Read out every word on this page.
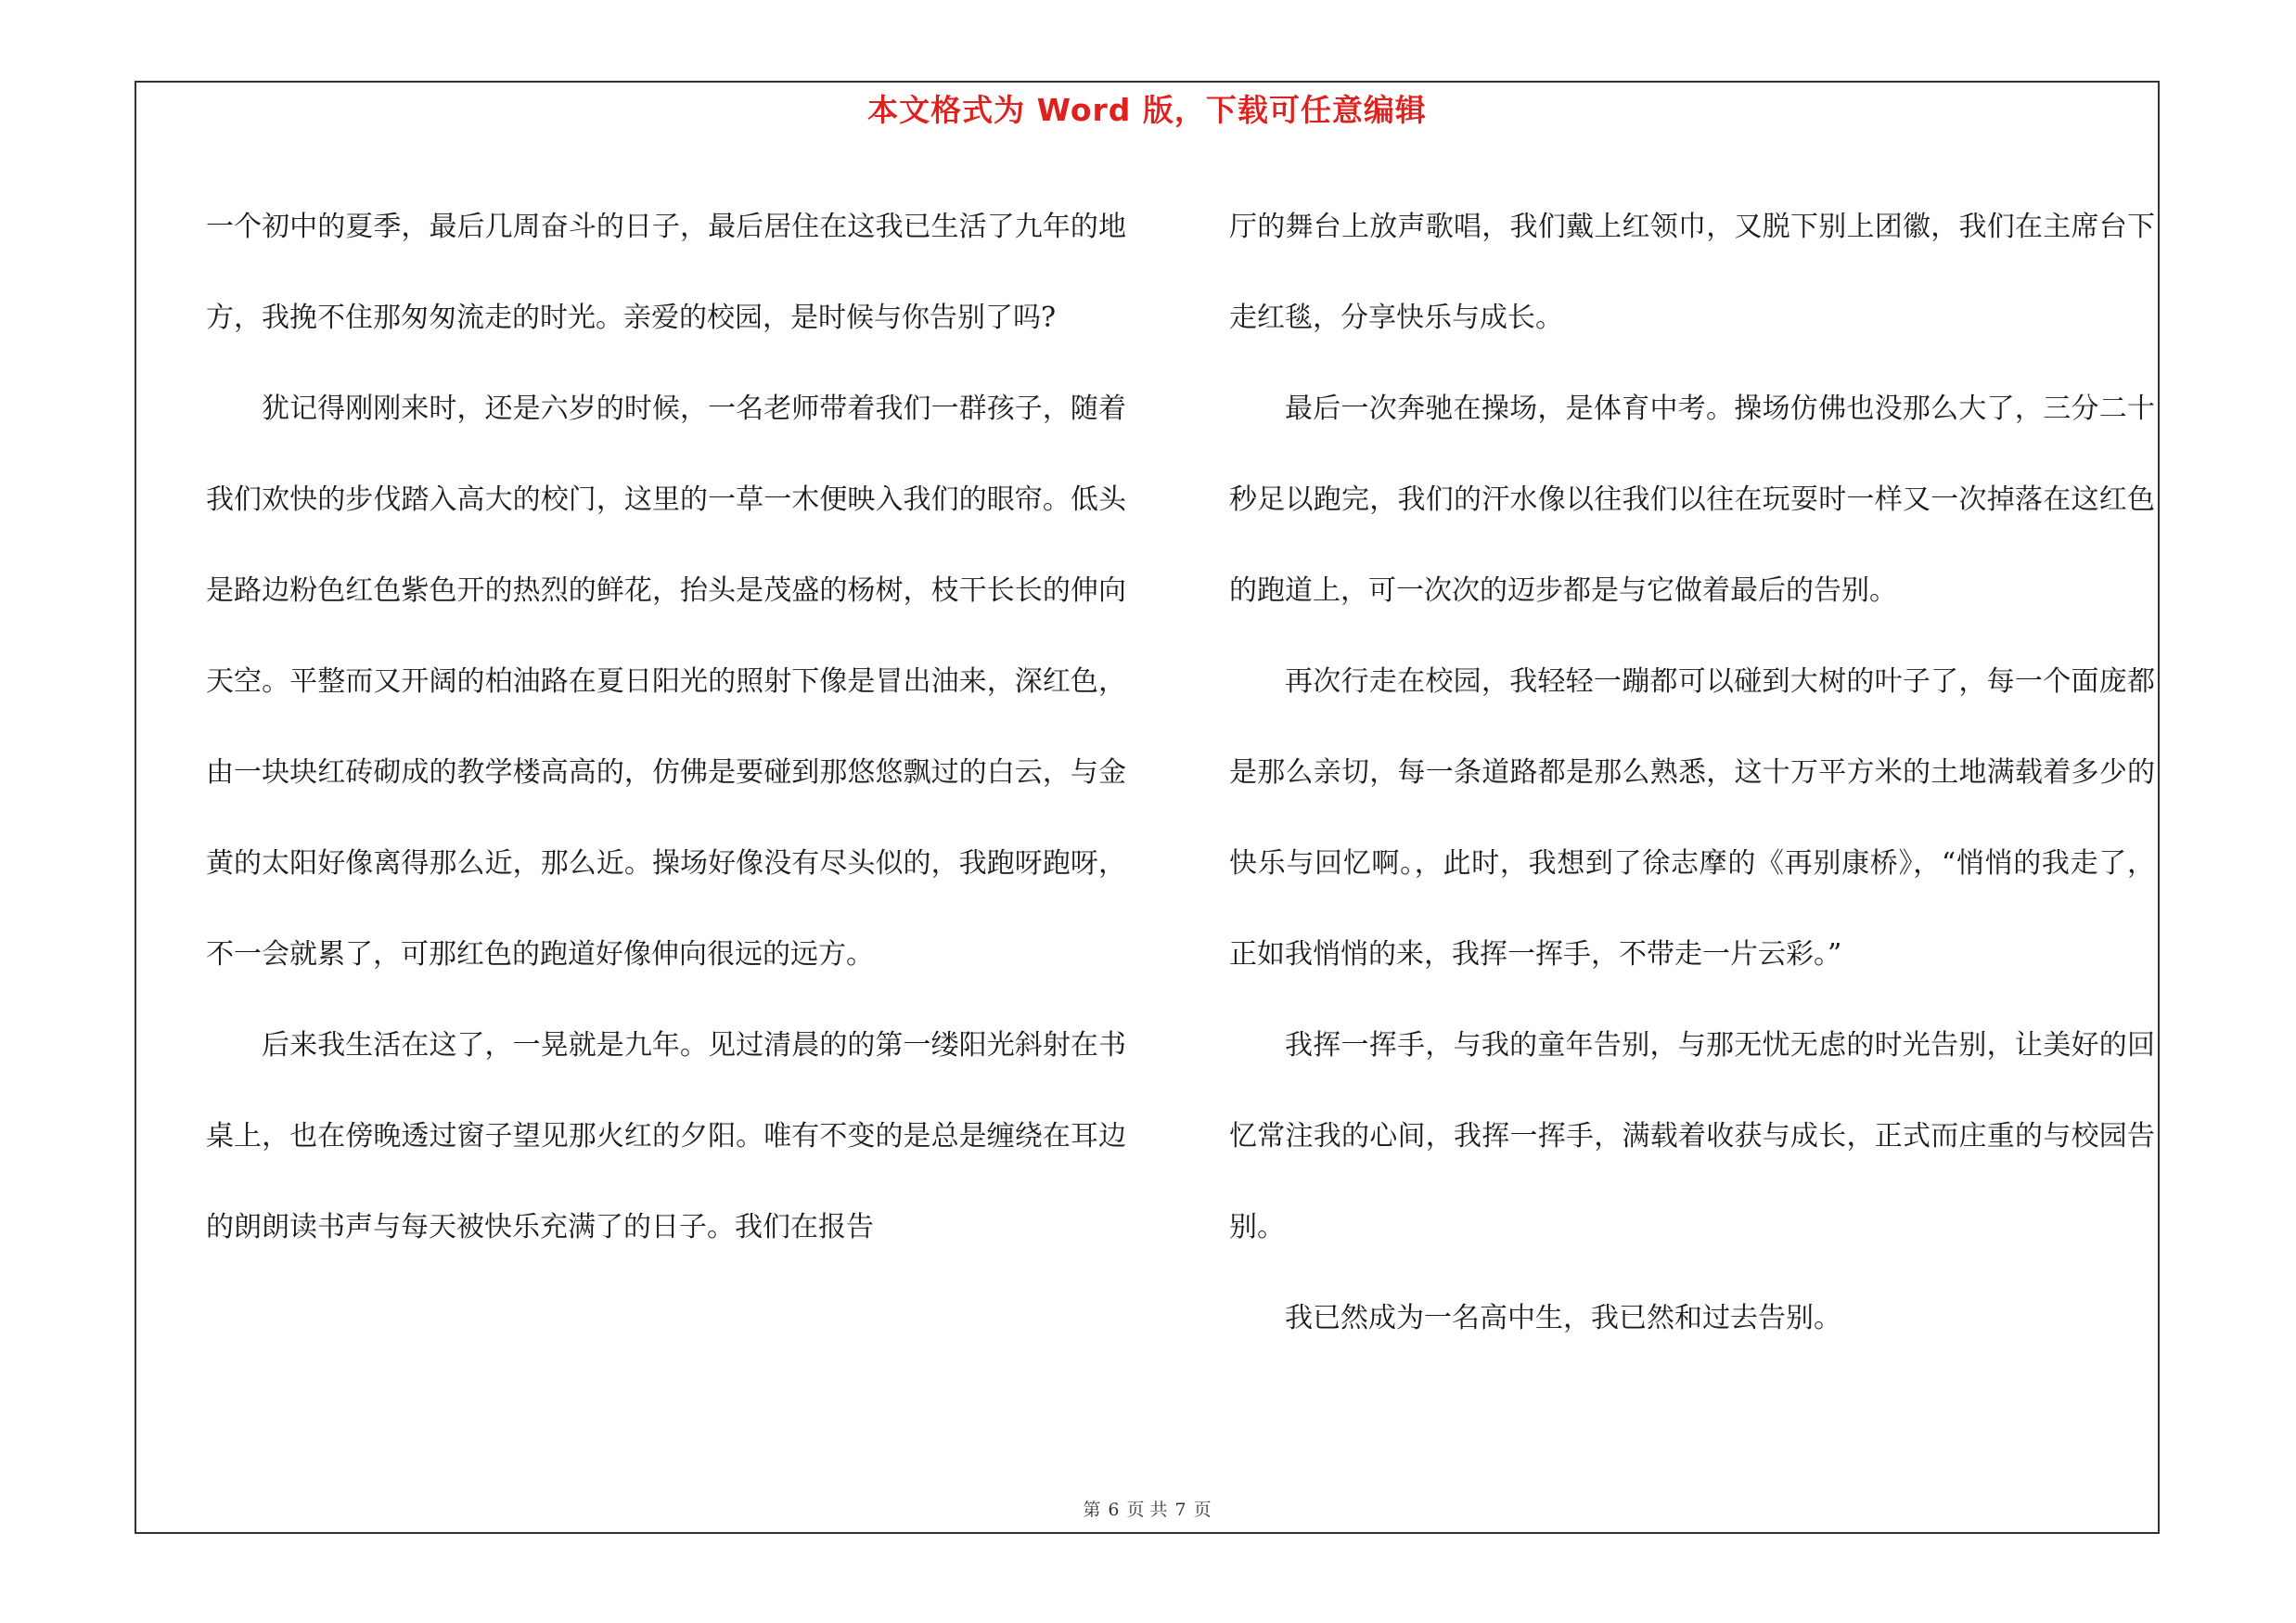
本文格式为 Word 版，下载可任意编辑

一个初中的夏季，最后几周奋斗的日子，最后居住在这我已生活了九年的地方，我挽不住那匆匆流走的时光。亲爱的校园，是时候与你告别了吗?

犹记得刚刚来时，还是六岁的时候，一名老师带着我们一群孩子，随着我们欢快的步伐踏入高大的校门，这里的一草一木便映入我们的眼帘。低头是路边粉色红色紫色开的热烈的鲜花，抬头是茂盛的杨树，枝干长长的伸向天空。平整而又开阔的柏油路在夏日阳光的照射下像是冒出油来，深红色，由一块块红砖砌成的教学楼高高的，仿佛是要碰到那悠悠飘过的白云，与金黄的太阳好像离得那么近，那么近。操场好像没有尽头似的，我跑呀跑呀，不一会就累了，可那红色的跑道好像伸向很远的远方。

后来我生活在这了，一晃就是九年。见过清晨的的第一缕阳光斜射在书桌上，也在傍晚透过窗子望见那火红的夕阳。唯有不变的是总是缠绕在耳边的朗朗读书声与每天被快乐充满了的日子。我们在报告

厅的舞台上放声歌唱，我们戴上红领巾，又脱下别上团徽，我们在主席台下走红毯，分享快乐与成长。

最后一次奔驰在操场，是体育中考。操场仿佛也没那么大了，三分二十秒足以跑完，我们的汗水像以往我们以往在玩耍时一样又一次掉落在这红色的跑道上，可一次次的迈步都是与它做着最后的告别。

再次行走在校园，我轻轻一蹦都可以碰到大树的叶子了，每一个面庞都是那么亲切，每一条道路都是那么熟悉，这十万平方米的土地满载着多少的快乐与回忆啊。，此时，我想到了徐志摩的《再别康桥》，“悄悄的我走了，正如我悄悄的来，我挥一挥手，不带走一片云彩。”

我挥一挥手，与我的童年告别，与那无忧无虑的时光告别，让美好的回忆常注我的心间，我挥一挥手，满载着收获与成长，正式而庄重的与校园告别。

我已然成为一名高中生，我已然和过去告别。

第 6 页 共 7 页
